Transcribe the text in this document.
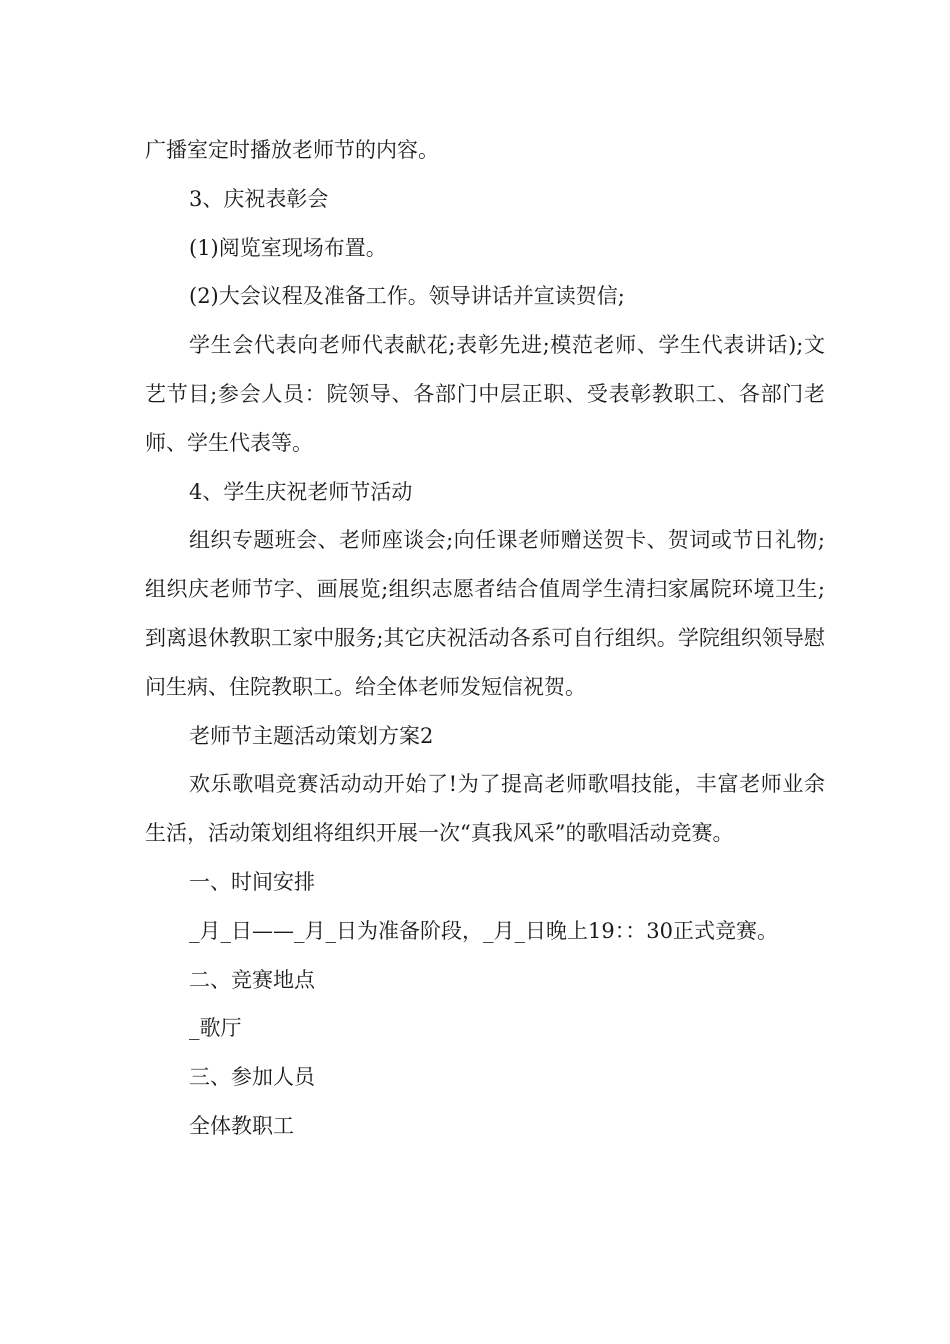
广播室定时播放老师节的内容。

3、庆祝表彰会

(1)阅览室现场布置。

(2)大会议程及准备工作。领导讲话并宣读贺信;

学生会代表向老师代表献花;表彰先进;模范老师、学生代表讲话);文艺节目;参会人员：院领导、各部门中层正职、受表彰教职工、各部门老师、学生代表等。

4、学生庆祝老师节活动

组织专题班会、老师座谈会;向任课老师赠送贺卡、贺词或节日礼物;组织庆老师节字、画展览;组织志愿者结合值周学生清扫家属院环境卫生;到离退休教职工家中服务;其它庆祝活动各系可自行组织。学院组织领导慰问生病、住院教职工。给全体老师发短信祝贺。

老师节主题活动策划方案2

欢乐歌唱竞赛活动动开始了!为了提高老师歌唱技能，丰富老师业余生活，活动策划组将组织开展一次“真我风采”的歌唱活动竞赛。

一、时间安排

_月_日——_月_日为准备阶段，_月_日晚上19：：30正式竞赛。

二、竞赛地点

_歌厅

三、参加人员

全体教职工
